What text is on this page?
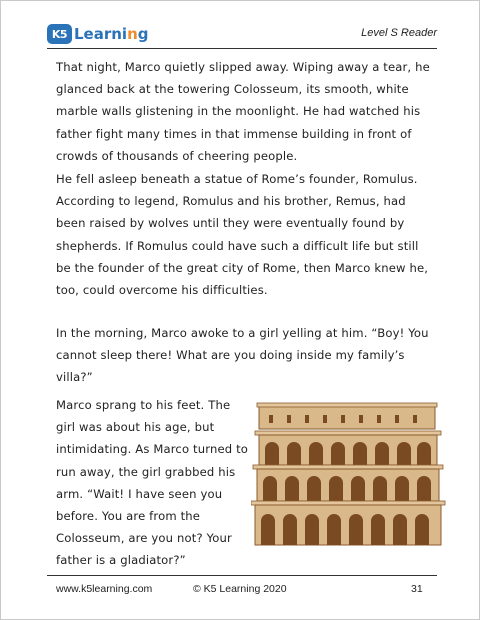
K5 Learning	Level S Reader

That night, Marco quietly slipped away. Wiping away a tear, he glanced back at the towering Colosseum, its smooth, white marble walls glistening in the moonlight. He had watched his father fight many times in that immense building in front of crowds of thousands of cheering people.

He fell asleep beneath a statue of Rome’s founder, Romulus. According to legend, Romulus and his brother, Remus, had been raised by wolves until they were eventually found by shepherds. If Romulus could have such a difficult life but still be the founder of the great city of Rome, then Marco knew he, too, could overcome his difficulties.

In the morning, Marco awoke to a girl yelling at him. “Boy! You cannot sleep there! What are you doing inside my family’s villa?”

Marco sprang to his feet. The girl was about his age, but intimidating. As Marco turned to run away, the girl grabbed his arm. “Wait! I have seen you before. You are from the Colosseum, are you not? Your father is a gladiator?”

www.k5learning.com	© K5 Learning 2020	31
